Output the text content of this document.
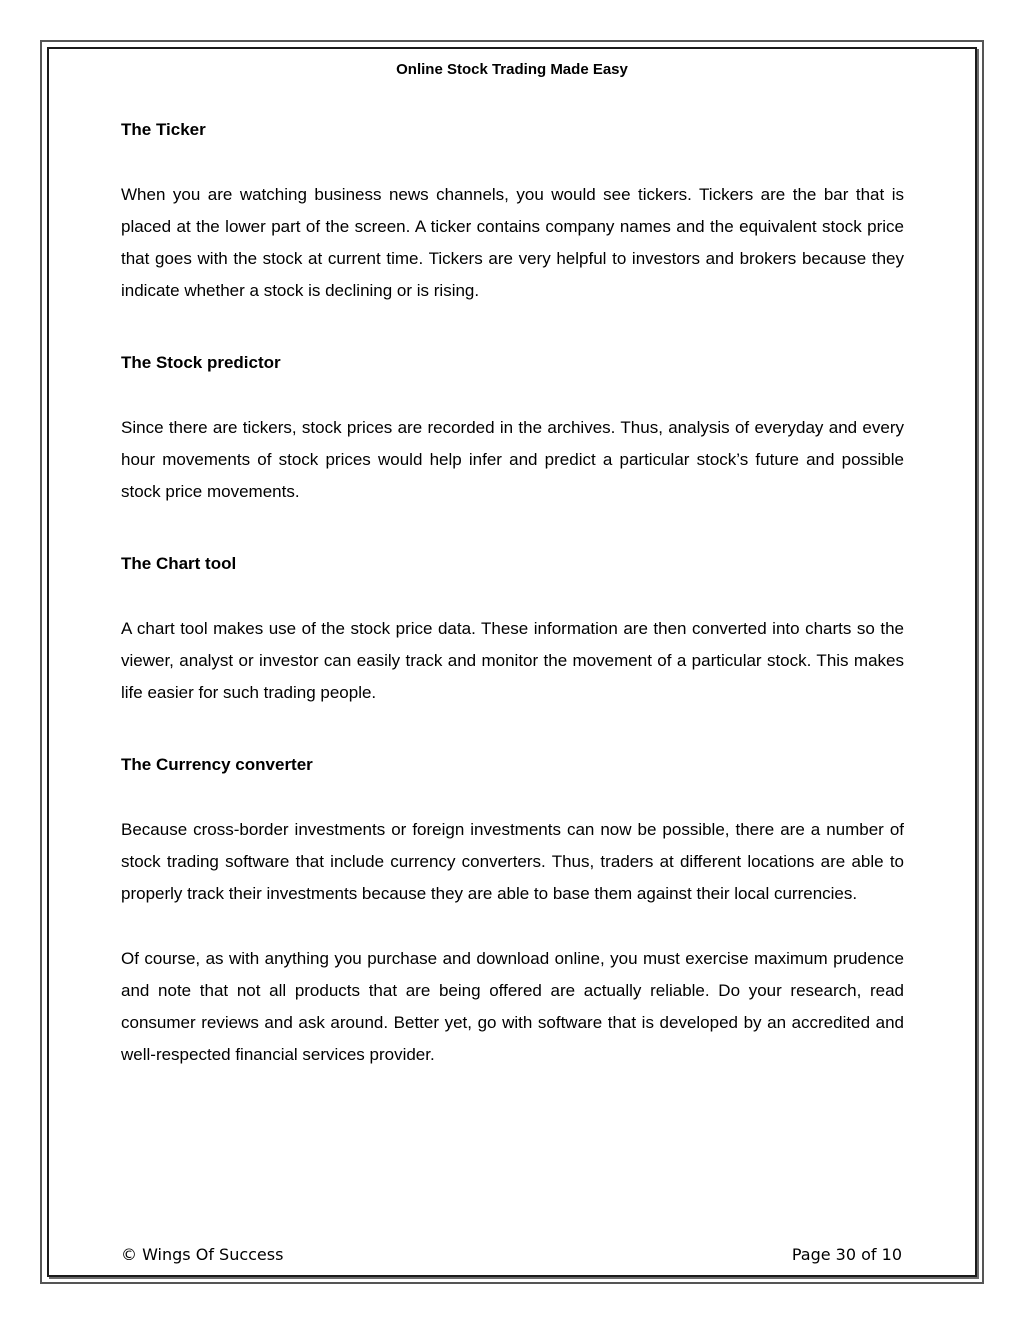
Online Stock Trading Made Easy

The Ticker

When you are watching business news channels, you would see tickers. Tickers are the bar that is placed at the lower part of the screen. A ticker contains company names and the equivalent stock price that goes with the stock at current time. Tickers are very helpful to investors and brokers because they indicate whether a stock is declining or is rising.

The Stock predictor

Since there are tickers, stock prices are recorded in the archives. Thus, analysis of everyday and every hour movements of stock prices would help infer and predict a particular stock’s future and possible stock price movements.

The Chart tool

A chart tool makes use of the stock price data. These information are then converted into charts so the viewer, analyst or investor can easily track and monitor the movement of a particular stock. This makes life easier for such trading people.

The Currency converter

Because cross-border investments or foreign investments can now be possible, there are a number of stock trading software that include currency converters. Thus, traders at different locations are able to properly track their investments because they are able to base them against their local currencies.

Of course, as with anything you purchase and download online, you must exercise maximum prudence and note that not all products that are being offered are actually reliable. Do your research, read consumer reviews and ask around. Better yet, go with software that is developed by an accredited and well-respected financial services provider.

© Wings Of Success	Page 30 of 10
